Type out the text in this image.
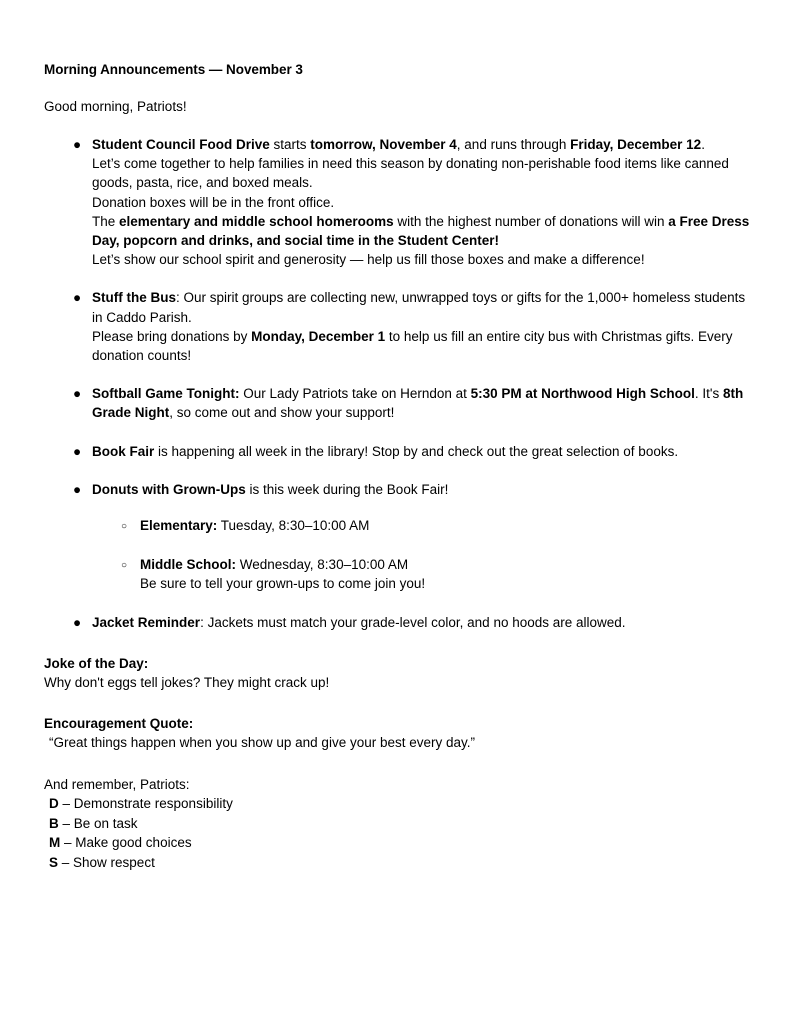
Morning Announcements — November 3

Good morning, Patriots!

● Student Council Food Drive starts tomorrow, November 4, and runs through Friday, December 12.

Let’s come together to help families in need this season by donating non-perishable food items like canned goods, pasta, rice, and boxed meals.

Donation boxes will be in the front office.

The elementary and middle school homerooms with the highest number of donations will win a Free Dress Day, popcorn and drinks, and social time in the Student Center!

Let’s show our school spirit and generosity — help us fill those boxes and make a difference!

● Stuff the Bus: Our spirit groups are collecting new, unwrapped toys or gifts for the 1,000+ homeless students in Caddo Parish.

Please bring donations by Monday, December 1 to help us fill an entire city bus with Christmas gifts. Every donation counts!

● Softball Game Tonight: Our Lady Patriots take on Herndon at 5:30 PM at Northwood High School. It's 8th Grade Night, so come out and show your support!

● Book Fair is happening all week in the library! Stop by and check out the great selection of books.

● Donuts with Grown-Ups is this week during the Book Fair!

○ Elementary: Tuesday, 8:30–10:00 AM

○ Middle School: Wednesday, 8:30–10:00 AM

Be sure to tell your grown-ups to come join you!

● Jacket Reminder: Jackets must match your grade-level color, and no hoods are allowed.

Joke of the Day:

Why don't eggs tell jokes? They might crack up!

Encouragement Quote:

“Great things happen when you show up and give your best every day.”

And remember, Patriots:

D – Demonstrate responsibility

B – Be on task

M – Make good choices

S – Show respect
